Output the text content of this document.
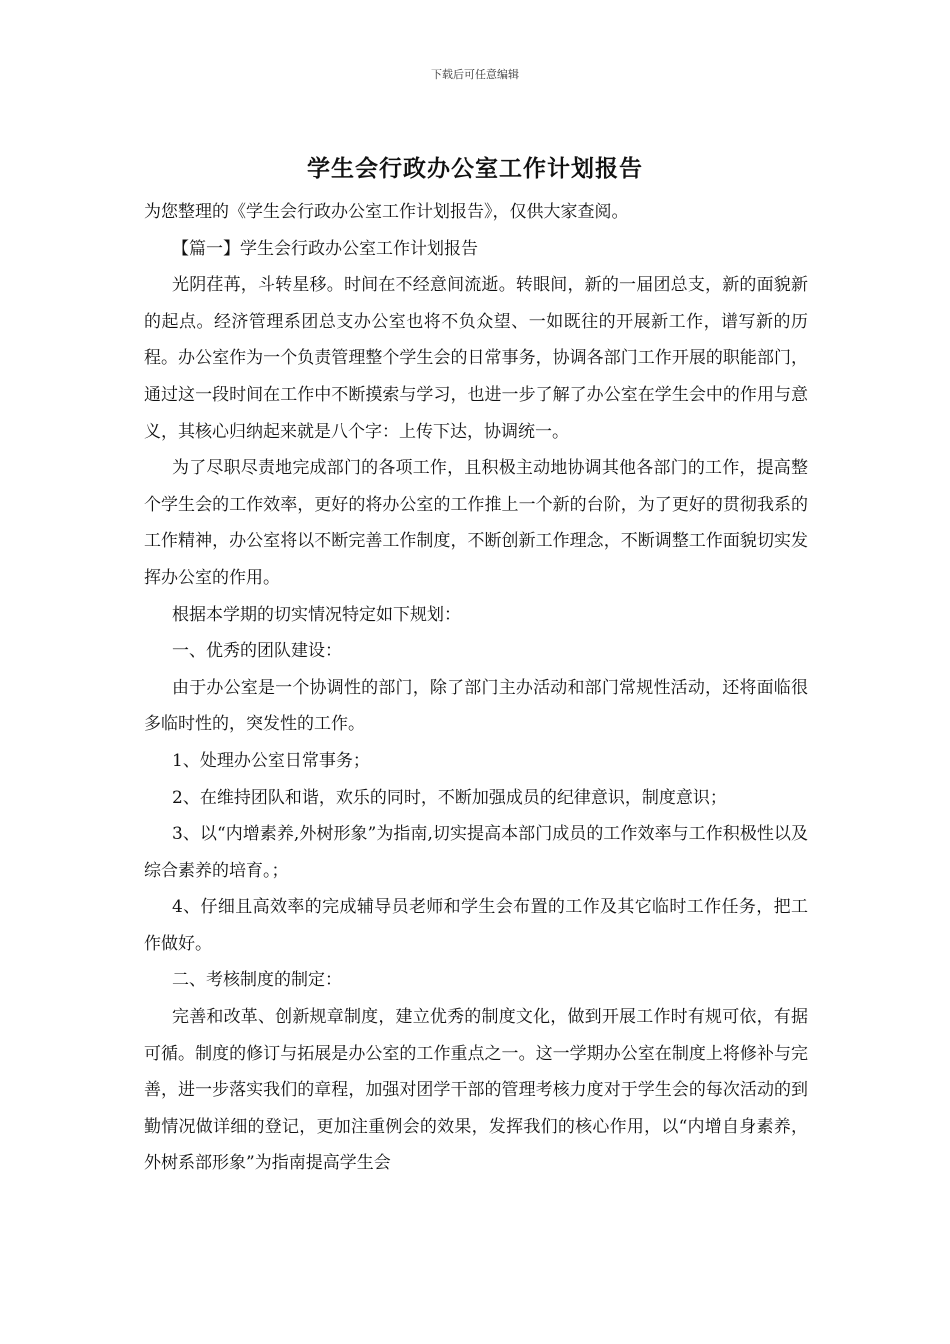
下载后可任意编辑
学生会行政办公室工作计划报告

为您整理的《学生会行政办公室工作计划报告》，仅供大家查阅。

【篇一】学生会行政办公室工作计划报告

光阴荏苒，斗转星移。时间在不经意间流逝。转眼间，新的一届团总支，新的面貌新的起点。经济管理系团总支办公室也将不负众望、一如既往的开展新工作，谱写新的历程。办公室作为一个负责管理整个学生会的日常事务，协调各部门工作开展的职能部门，通过这一段时间在工作中不断摸索与学习，也进一步了解了办公室在学生会中的作用与意义，其核心归纳起来就是八个字：上传下达，协调统一。

为了尽职尽责地完成部门的各项工作，且积极主动地协调其他各部门的工作，提高整个学生会的工作效率，更好的将办公室的工作推上一个新的台阶，为了更好的贯彻我系的工作精神，办公室将以不断完善工作制度，不断创新工作理念，不断调整工作面貌切实发挥办公室的作用。

根据本学期的切实情况特定如下规划：

一、优秀的团队建设：

由于办公室是一个协调性的部门，除了部门主办活动和部门常规性活动，还将面临很多临时性的，突发性的工作。

1、处理办公室日常事务；

2、在维持团队和谐，欢乐的同时，不断加强成员的纪律意识，制度意识；

3、以“内增素养,外树形象”为指南,切实提高本部门成员的工作效率与工作积极性以及综合素养的培育。；

4、仔细且高效率的完成辅导员老师和学生会布置的工作及其它临时工作任务，把工作做好。

二、考核制度的制定：

完善和改革、创新规章制度，建立优秀的制度文化，做到开展工作时有规可依，有据可循。制度的修订与拓展是办公室的工作重点之一。这一学期办公室在制度上将修补与完善，进一步落实我们的章程，加强对团学干部的管理考核力度对于学生会的每次活动的到勤情况做详细的登记，更加注重例会的效果，发挥我们的核心作用，以“内增自身素养，外树系部形象”为指南提高学生会
